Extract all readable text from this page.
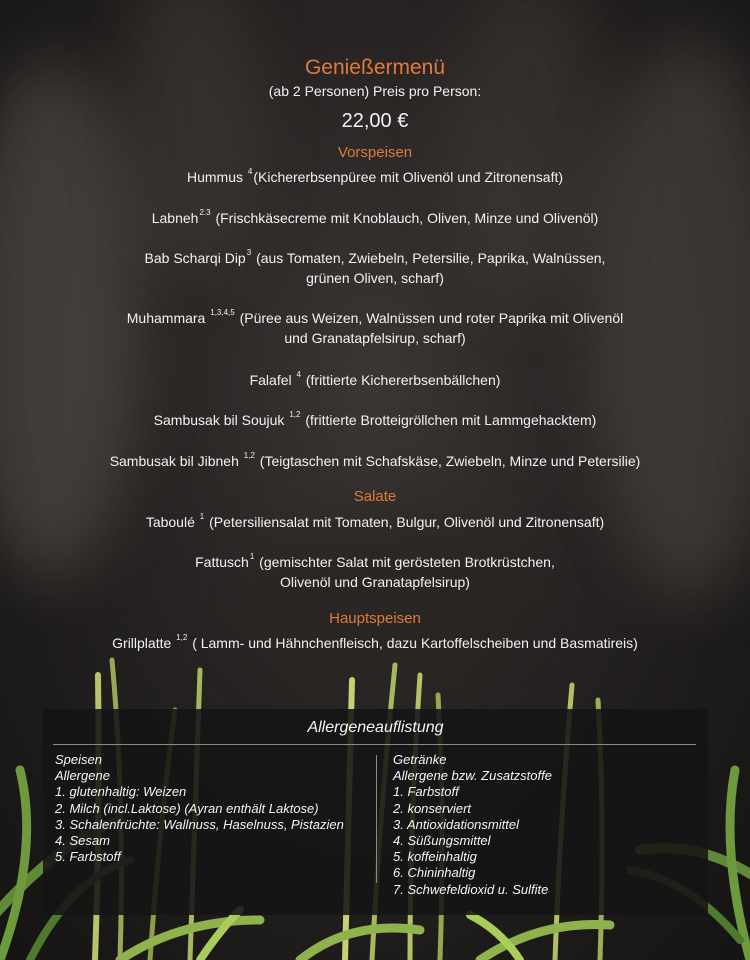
Genießermenü
(ab 2 Personen) Preis pro Person:
22,00 €
Vorspeisen
Hummus $^4$(Kichererbsenpüree mit Olivenöl und Zitronensaft)
Labneh$^{2.3}$ (Frischkäsecreme mit Knoblauch, Oliven, Minze und Olivenöl)
Bab Scharqi Dip$^3$ (aus Tomaten, Zwiebeln, Petersilie, Paprika, Walnüssen,
grünen Oliven, scharf)
Muhammara $^{1,3,4,5}$ (Püree aus Weizen, Walnüssen und roter Paprika mit Olivenöl
und Granatapfelsirup, scharf)
Falafel $^4$ (frittierte Kichererbsenbällchen)
Sambusak bil Soujuk $^{1,2}$ (frittierte Brotteigröllchen mit Lammgehacktem)
Sambusak bil Jibneh $^{1,2}$ (Teigtaschen mit Schafskäse, Zwiebeln, Minze und Petersilie)
Salate
Taboulé $^1$ (Petersiliensalat mit Tomaten, Bulgur, Olivenöl und Zitronensaft)
Fattusch$^1$ (gemischter Salat mit gerösteten Brotkrüstchen,
Olivenöl und Granatapfelsirup)
Hauptspeisen
Grillplatte $^{1,2}$ ( Lamm- und Hähnchenfleisch, dazu Kartoffelscheiben und Basmatireis)
Allergeneauflistung
Speisen
Allergene
1. glutenhaltig: Weizen
2. Milch (incl.Laktose) (Ayran enthält Laktose)
3. Schalenfrüchte: Wallnuss, Haselnuss, Pistazien
4. Sesam
5. Farbstoff
Getränke
Allergene bzw. Zusatzstoffe
1. Farbstoff
2. konserviert
3. Antioxidationsmittel
4. Süßungsmittel
5. koffeinhaltig
6. Chininhaltig
7. Schwefeldioxid u. Sulfite
